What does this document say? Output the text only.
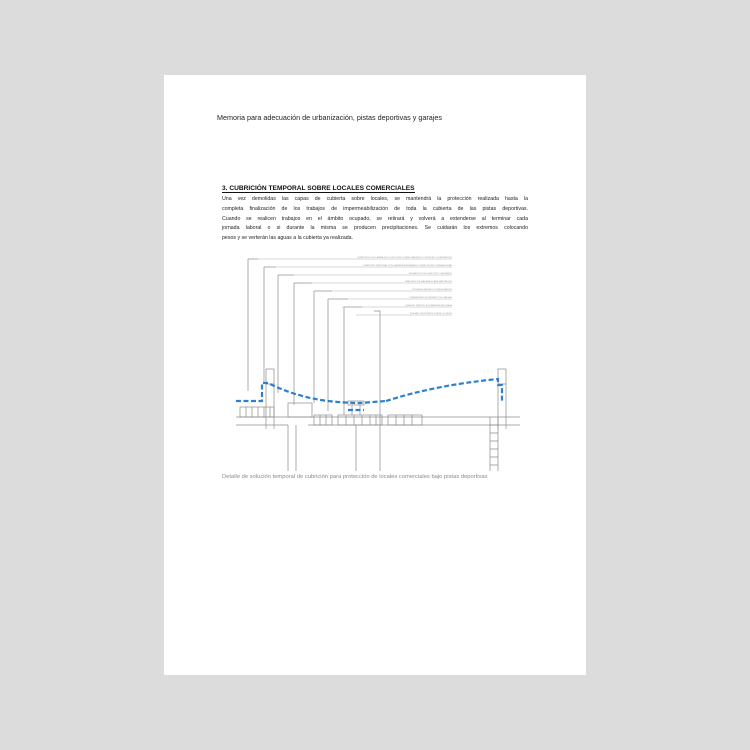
Memoria para adecuación de urbanización, pistas deportivas y garajes
3. CUBRICIÓN TEMPORAL SOBRE LOCALES COMERCIALES
Una vez demolidas las capas de cubierta sobre locales, se mantendrá la protección realizada hasta la
completa finalización de los trabajos de impermeabilización de toda la cubierta de las pistas deportivas.
Cuando se realicen trabajos en el ámbito ocupado, se retirará y volverá a extenderse al terminar cada
jornada laboral o si durante la misma se producen precipitaciones. Se cuidarán los extremos colocando
pesos y se verterán las aguas a la cubierta ya realizada.
CUBRICIÓN CON LÁMINA DE POLIETILENO SOBRE TABLEROS, PUNTALES Y DURMIENTES
CUBRICIÓN TEMPORAL CON LÁMINA IMPERMEABLE SOBRE ESTRUCTURA AUXILIAR
ELEMENTOS DE SUJECIÓN Y LASTRADO
TABLEROS DE MADERA SOBRE RASTRELES
PUNTALES METÁLICOS REGULABLES
DURMIENTES DE REPARTO DE CARGAS
LÍNEA DE VERTIDO A CUBIERTA EJECUTADA
FORJADO EXISTENTE SOBRE LOCALES
Detalle de solución temporal de cubrición para protección de locales comerciales bajo pistas deportivas
